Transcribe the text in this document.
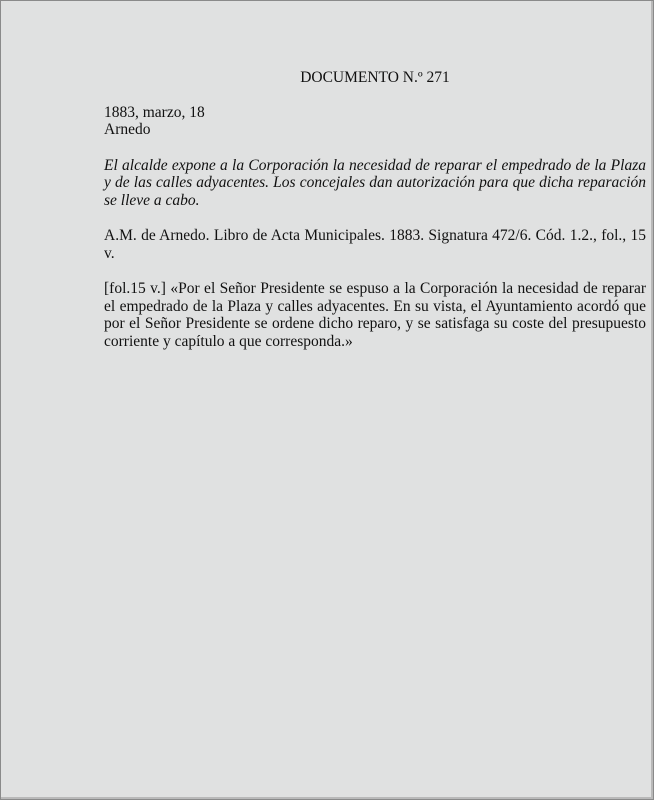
DOCUMENTO N.º 271
1883, marzo, 18
Arnedo

El alcalde expone a la Corporación la necesidad de reparar el empedrado de la Plaza y de las calles adyacentes. Los concejales dan autorización para que dicha reparación se lleve a cabo.

A.M. de Arnedo. Libro de Acta Municipales. 1883. Signatura 472/6. Cód. 1.2., fol., 15 v.

[fol.15 v.] «Por el Señor Presidente se espuso a la Corporación la necesidad de reparar el empedrado de la Plaza y calles adyacentes. En su vista, el Ayuntamiento acordó que por el Señor Presidente se ordene dicho reparo, y se satisfaga su coste del presupuesto corriente y capítulo a que corresponda.»
